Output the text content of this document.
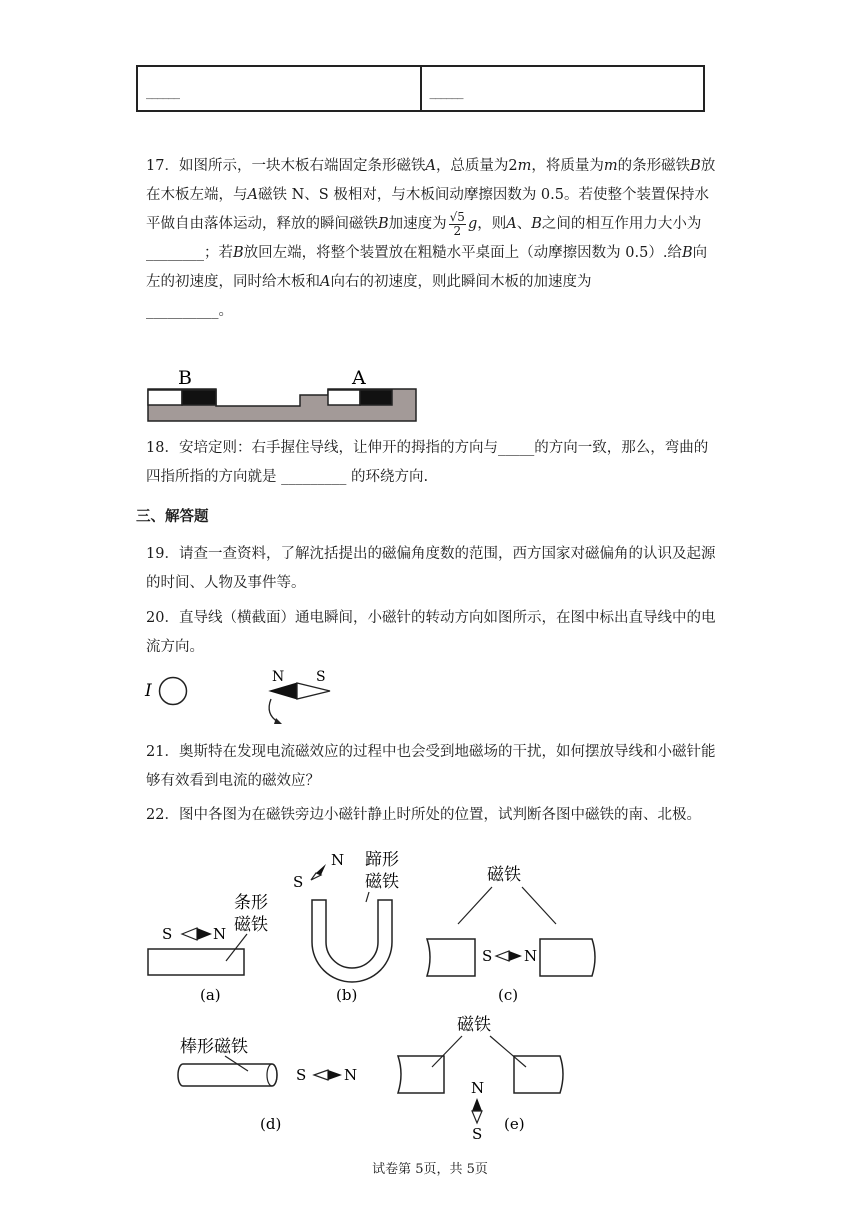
______	______

17．如图所示，一块木板右端固定条形磁铁A，总质量为2m，将质量为m的条形磁铁B放在木板左端，与A磁铁 N、S 极相对，与木板间动摩擦因数为 0.5。若使整个装置保持水平做自由落体运动，释放的瞬间磁铁B加速度为 $\frac{√5}{2}$ g，则A、B之间的相互作用力大小为________；若B放回左端，将整个装置放在粗糙水平桌面上（动摩擦因数为 0.5）.给B向左的初速度，同时给木板和A向右的初速度，则此瞬间木板的加速度为
__________。

B	A

18．安培定则：右手握住导线，让伸开的拇指的方向与_____的方向一致，那么，弯曲的四指所指的方向就是 _________ 的环绕方向.

三、解答题

19．请查一查资料，了解沈括提出的磁偏角度数的范围，西方国家对磁偏角的认识及起源的时间、人物及事件等。

20．直导线（横截面）通电瞬间，小磁针的转动方向如图所示，在图中标出直导线中的电流方向。

I
N S

21．奥斯特在发现电流磁效应的过程中也会受到地磁场的干扰，如何摆放导线和小磁针能够有效看到电流的磁效应？

22．图中各图为在磁铁旁边小磁针静止时所处的位置，试判断各图中磁铁的南、北极。

S	N
条形
磁铁
(a)
S
N 蹄形
磁铁
(b)
磁铁
S N
(c)
棒形磁铁
S	N
(d)
磁铁
N
S
(e)
试卷第 5页，共 5页
